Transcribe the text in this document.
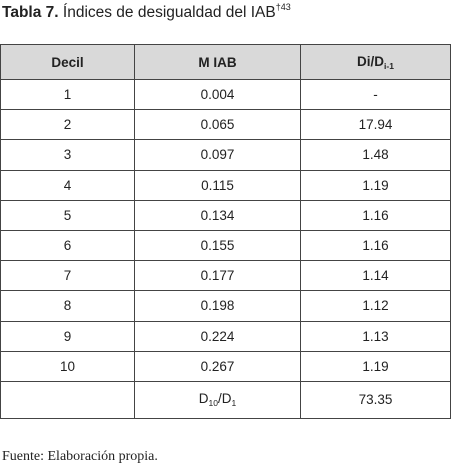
Tabla 7. Índices de desigualdad del IAB$^{\dagger 43}$
Decil	M IAB	$Di/D_{i-1}$
1	0.004	-
2	0.065	17.94
3	0.097	1.48
4	0.115	1.19
5	0.134	1.16
6	0.155	1.16
7	0.177	1.14
8	0.198	1.12
9	0.224	1.13
10	0.267	1.19
	$D_{10}/D_1$	73.35
Fuente: Elaboración propia.
